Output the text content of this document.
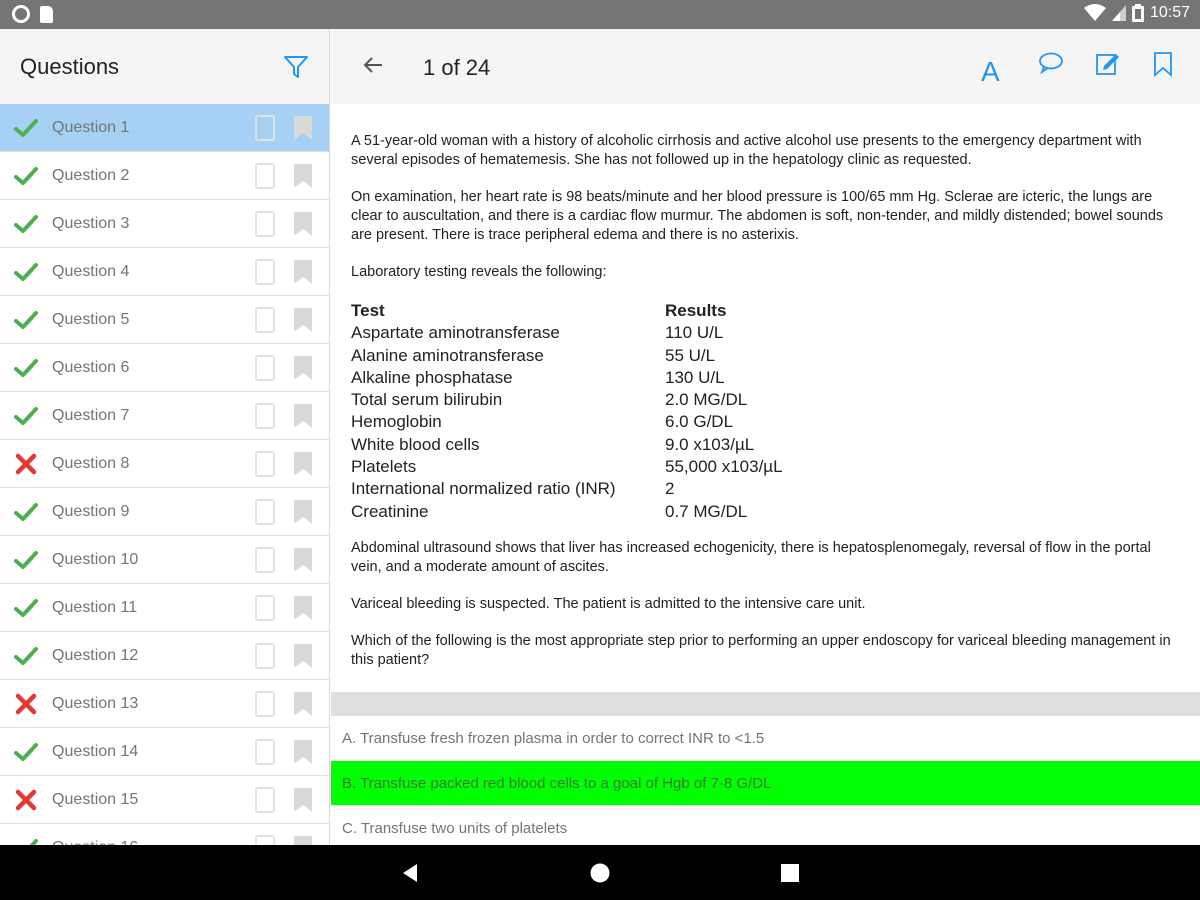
10:57
Questions
Question 1
Question 2
Question 3
Question 4
Question 5
Question 6
Question 7
Question 8
Question 9
Question 10
Question 11
Question 12
Question 13
Question 14
Question 15
1 of 24	A

A 51-year-old woman with a history of alcoholic cirrhosis and active alcohol use presents to the emergency department with several episodes of hematemesis. She has not followed up in the hepatology clinic as requested.

On examination, her heart rate is 98 beats/minute and her blood pressure is 100/65 mm Hg. Sclerae are icteric, the lungs are clear to auscultation, and there is a cardiac flow murmur. The abdomen is soft, non-tender, and mildly distended; bowel sounds are present. There is trace peripheral edema and there is no asterixis.

Laboratory testing reveals the following:

Test	Results
Aspartate aminotransferase	110 U/L
Alanine aminotransferase	55 U/L
Alkaline phosphatase	130 U/L
Total serum bilirubin	2.0 MG/DL
Hemoglobin	6.0 G/DL
White blood cells	9.0 x103/µL
Platelets	55,000 x103/µL
International normalized ratio (INR)	2
Creatinine	0.7 MG/DL

Abdominal ultrasound shows that liver has increased echogenicity, there is hepatosplenomegaly, reversal of flow in the portal vein, and a moderate amount of ascites.

Variceal bleeding is suspected. The patient is admitted to the intensive care unit.

Which of the following is the most appropriate step prior to performing an upper endoscopy for variceal bleeding management in this patient?

A. Transfuse fresh frozen plasma in order to correct INR to <1.5
B. Transfuse packed red blood cells to a goal of Hgb of 7-8 G/DL
C. Transfuse two units of platelets
